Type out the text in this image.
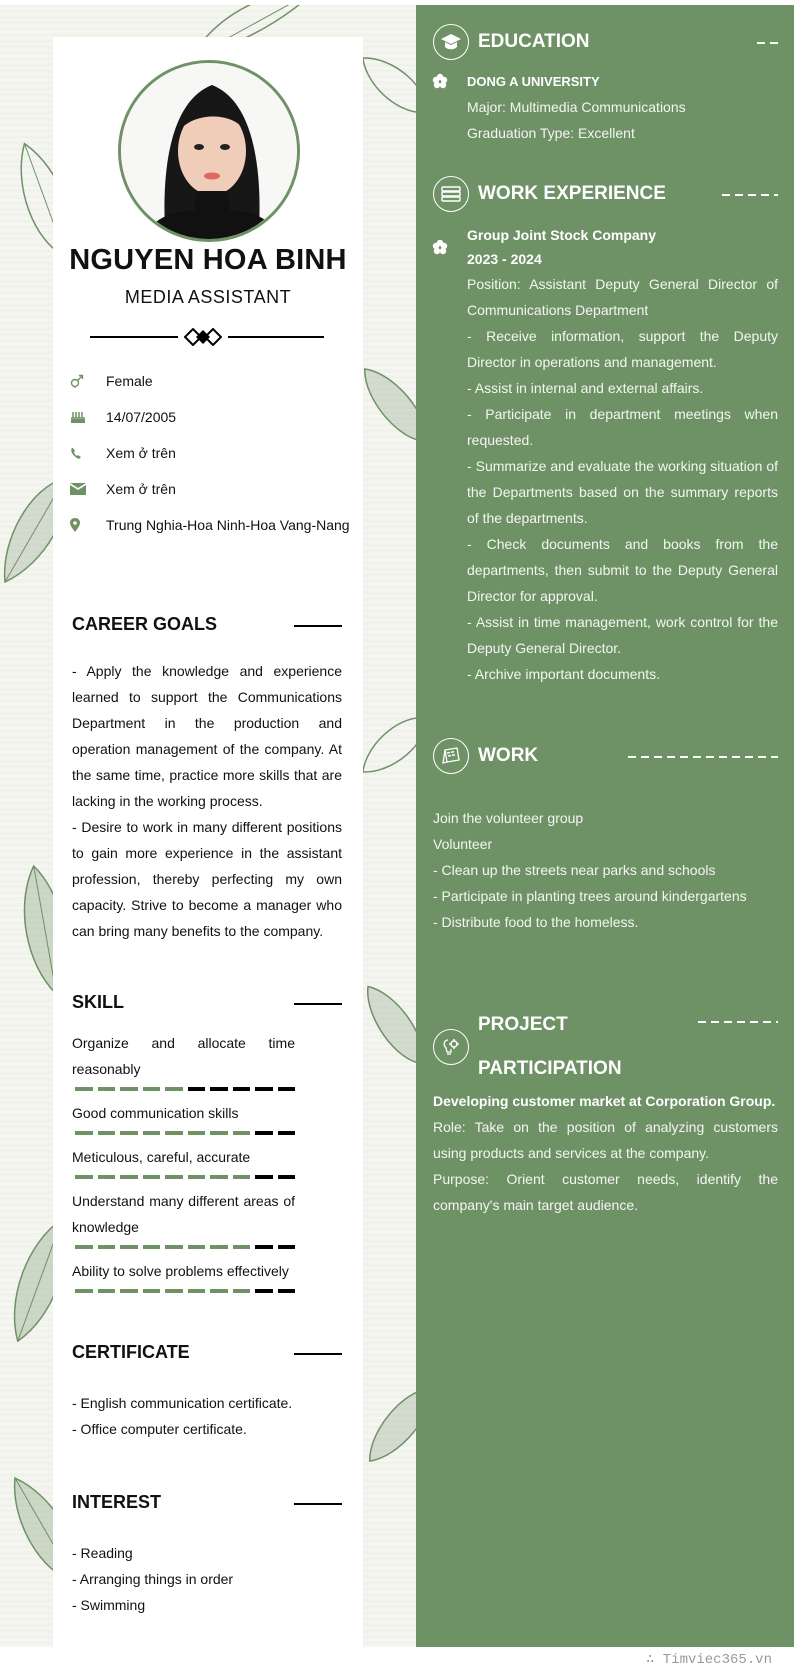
NGUYEN HOA BINH
MEDIA ASSISTANT
Female
14/07/2005
Xem ở trên
Xem ở trên
Trung Nghia-Hoa Ninh-Hoa Vang-Nang
CAREER GOALS
- Apply the knowledge and experience learned to support the Communications Department in the production and operation management of the company. At the same time, practice more skills that are lacking in the working process.
- Desire to work in many different positions to gain more experience in the assistant profession, thereby perfecting my own capacity. Strive to become a manager who can bring many benefits to the company.
SKILL
Organize and allocate time reasonably
Good communication skills
Meticulous, careful, accurate
Understand many different areas of knowledge
Ability to solve problems effectively
CERTIFICATE
- English communication certificate.
- Office computer certificate.
INTEREST
- Reading
- Arranging things in order
- Swimming
EDUCATION
DONG A UNIVERSITY
Major: Multimedia Communications
Graduation Type: Excellent
WORK EXPERIENCE
Group Joint Stock Company
2023 - 2024
Position: Assistant Deputy General Director of Communications Department
- Receive information, support the Deputy Director in operations and management.
- Assist in internal and external affairs.
- Participate in department meetings when requested.
- Summarize and evaluate the working situation of the Departments based on the summary reports of the departments.
- Check documents and books from the departments, then submit to the Deputy General Director for approval.
- Assist in time management, work control for the Deputy General Director.
- Archive important documents.
WORK
Join the volunteer group
Volunteer
- Clean up the streets near parks and schools
- Participate in planting trees around kindergartens
- Distribute food to the homeless.
PROJECT
PARTICIPATION
Developing customer market at Corporation Group.
Role: Take on the position of analyzing customers using products and services at the company.
Purpose: Orient customer needs, identify the company's main target audience.
∴ Timviec365.vn
